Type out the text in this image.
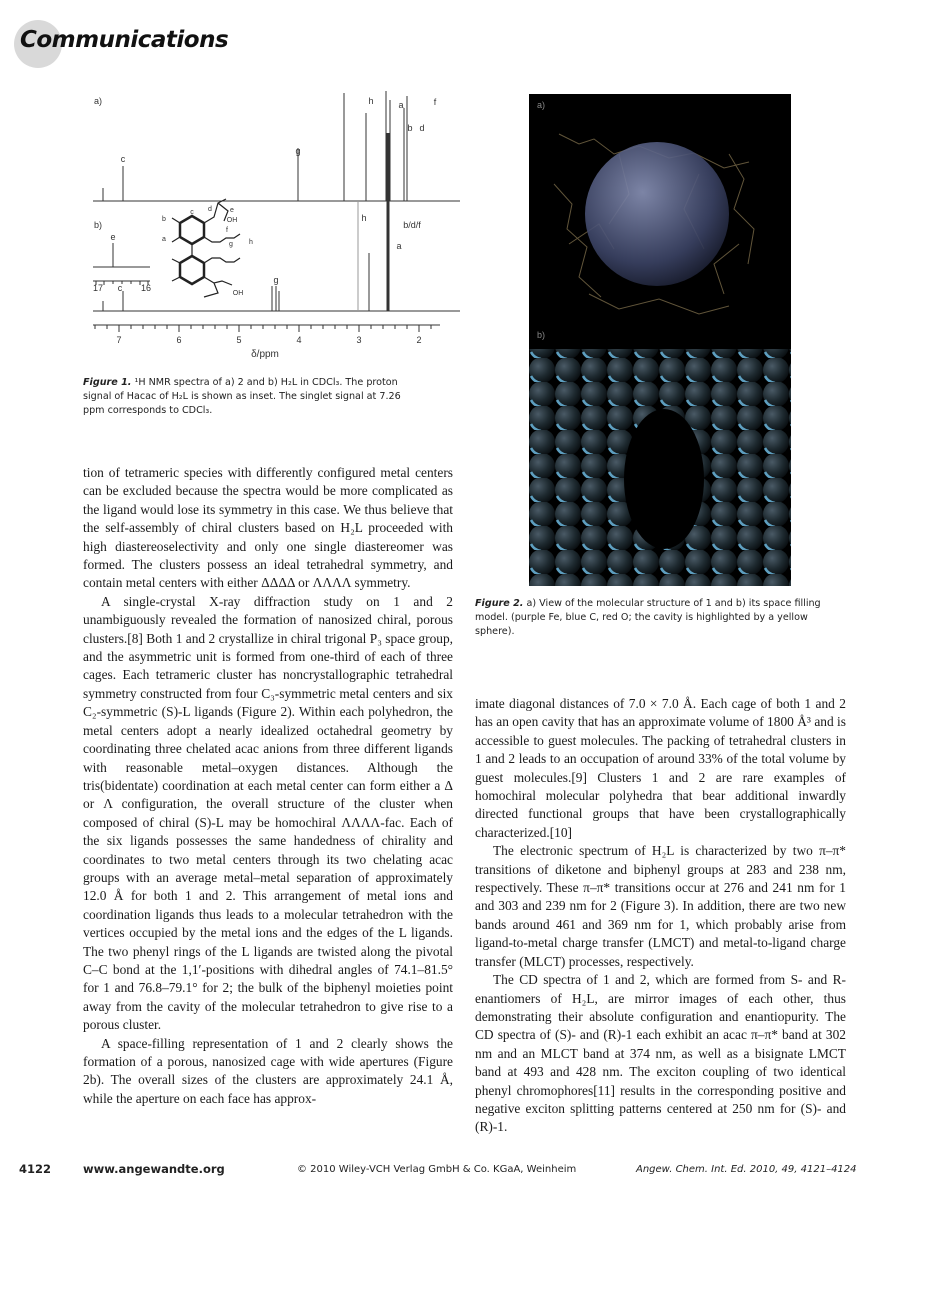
Communications
a)
c
g
h	a
b d
f
b)
e
c
g
h
a
b/d/f
17	16
d	e
OH
c
b
f
a
g h
OH
7	6	5	4	3	2
δ/ppm
Figure 1. ¹H NMR spectra of a) 2 and b) H₂L in CDCl₃. The proton signal of Hacac of H₂L is shown as inset. The singlet signal at 7.26 ppm corresponds to CDCl₃.
a)
b)
Figure 2. a) View of the molecular structure of 1 and b) its space filling model. (purple Fe, blue C, red O; the cavity is highlighted by a yellow sphere).

tion of tetrameric species with differently configured metal centers can be excluded because the spectra would be more complicated as the ligand would lose its symmetry in this case. We thus believe that the self-assembly of chiral clusters based on H₂L proceeded with high diastereoselectivity and only one single diastereomer was formed. The clusters possess an ideal tetrahedral symmetry, and contain metal centers with either ΔΔΔΔ or ΛΛΛΛ symmetry.

A single-crystal X-ray diffraction study on 1 and 2 unambiguously revealed the formation of nanosized chiral, porous clusters.[8] Both 1 and 2 crystallize in chiral trigonal P₃ space group, and the asymmetric unit is formed from one-third of each of three cages. Each tetrameric cluster has noncrystallographic tetrahedral symmetry constructed from four C₃-symmetric metal centers and six C₂-symmetric (S)-L ligands (Figure 2). Within each polyhedron, the metal centers adopt a nearly idealized octahedral geometry by coordinating three chelated acac anions from three different ligands with reasonable metal–oxygen distances. Although the tris(bidentate) coordination at each metal center can form either a Δ or Λ configuration, the overall structure of the cluster when composed of chiral (S)-L may be homochiral ΛΛΛΛ-fac. Each of the six ligands possesses the same handedness of chirality and coordinates to two metal centers through its two chelating acac groups with an average metal–metal separation of approximately 12.0 Å for both 1 and 2. This arrangement of metal ions and coordination ligands thus leads to a molecular tetrahedron with the vertices occupied by the metal ions and the edges of the L ligands. The two phenyl rings of the L ligands are twisted along the pivotal C–C bond at the 1,1′-positions with dihedral angles of 74.1–81.5° for 1 and 76.8–79.1° for 2; the bulk of the biphenyl moieties point away from the cavity of the molecular tetrahedron to give rise to a porous cluster.

A space-filling representation of 1 and 2 clearly shows the formation of a porous, nanosized cage with wide apertures (Figure 2b). The overall sizes of the clusters are approximately 24.1 Å, while the aperture on each face has approx-

imate diagonal distances of 7.0 × 7.0 Å. Each cage of both 1 and 2 has an open cavity that has an approximate volume of 1800 Å³ and is accessible to guest molecules. The packing of tetrahedral clusters in 1 and 2 leads to an occupation of around 33% of the total volume by guest molecules.[9] Clusters 1 and 2 are rare examples of homochiral molecular polyhedra that bear additional inwardly directed functional groups that have been crystallographically characterized.[10]

The electronic spectrum of H₂L is characterized by two π–π* transitions of diketone and biphenyl groups at 283 and 238 nm, respectively. These π–π* transitions occur at 276 and 241 nm for 1 and 303 and 239 nm for 2 (Figure 3). In addition, there are two new bands around 461 and 369 nm for 1, which probably arise from ligand-to-metal charge transfer (LMCT) and metal-to-ligand charge transfer (MLCT) processes, respectively.

The CD spectra of 1 and 2, which are formed from S- and R-enantiomers of H₂L, are mirror images of each other, thus demonstrating their absolute configuration and enantiopurity. The CD spectra of (S)- and (R)-1 each exhibit an acac π–π* band at 302 nm and an MLCT band at 374 nm, as well as a bisignate LMCT band at 493 and 428 nm. The exciton coupling of two identical phenyl chromophores[11] results in the corresponding positive and negative exciton splitting patterns centered at 250 nm for (S)- and (R)-1.

4122	www.angewandte.org	© 2010 Wiley-VCH Verlag GmbH & Co. KGaA, Weinheim	Angew. Chem. Int. Ed. 2010, 49, 4121–4124
